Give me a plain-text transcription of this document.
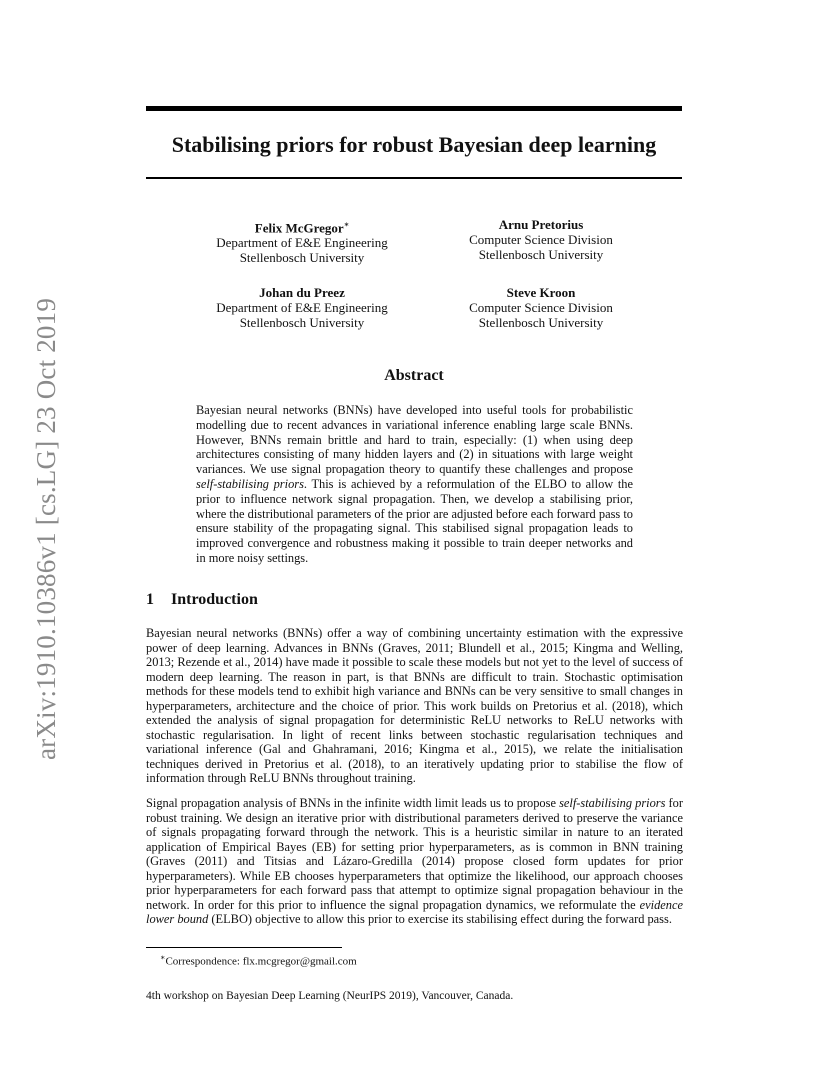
arXiv:1910.10386v1 [cs.LG] 23 Oct 2019
Stabilising priors for robust Bayesian deep learning
Felix McGregor∗
Department of E&E Engineering
Stellenbosch University
Arnu Pretorius
Computer Science Division
Stellenbosch University
Johan du Preez
Department of E&E Engineering
Stellenbosch University
Steve Kroon
Computer Science Division
Stellenbosch University
Abstract
Bayesian neural networks (BNNs) have developed into useful tools for probabilistic modelling due to recent advances in variational inference enabling large scale BNNs. However, BNNs remain brittle and hard to train, especially: (1) when using deep architectures consisting of many hidden layers and (2) in situations with large weight variances. We use signal propagation theory to quantify these challenges and propose self-stabilising priors. This is achieved by a reformulation of the ELBO to allow the prior to influence network signal propagation. Then, we develop a stabilising prior, where the distributional parameters of the prior are adjusted before each forward pass to ensure stability of the propagating signal. This stabilised signal propagation leads to improved convergence and robustness making it possible to train deeper networks and in more noisy settings.
1 Introduction
Bayesian neural networks (BNNs) offer a way of combining uncertainty estimation with the expressive power of deep learning. Advances in BNNs (Graves, 2011; Blundell et al., 2015; Kingma and Welling, 2013; Rezende et al., 2014) have made it possible to scale these models but not yet to the level of success of modern deep learning. The reason in part, is that BNNs are difficult to train. Stochastic optimisation methods for these models tend to exhibit high variance and BNNs can be very sensitive to small changes in hyperparameters, architecture and the choice of prior. This work builds on Pretorius et al. (2018), which extended the analysis of signal propagation for deterministic ReLU networks to ReLU networks with stochastic regularisation. In light of recent links between stochastic regularisation techniques and variational inference (Gal and Ghahramani, 2016; Kingma et al., 2015), we relate the initialisation techniques derived in Pretorius et al. (2018), to an iteratively updating prior to stabilise the flow of information through ReLU BNNs throughout training.
Signal propagation analysis of BNNs in the infinite width limit leads us to propose self-stabilising priors for robust training. We design an iterative prior with distributional parameters derived to preserve the variance of signals propagating forward through the network. This is a heuristic similar in nature to an iterated application of Empirical Bayes (EB) for setting prior hyperparameters, as is common in BNN training (Graves (2011) and Titsias and Lázaro-Gredilla (2014) propose closed form updates for prior hyperparameters). While EB chooses hyperparameters that optimize the likelihood, our approach chooses prior hyperparameters for each forward pass that attempt to optimize signal propagation behaviour in the network. In order for this prior to influence the signal propagation dynamics, we reformulate the evidence lower bound (ELBO) objective to allow this prior to exercise its stabilising effect during the forward pass.
∗Correspondence: flx.mcgregor@gmail.com
4th workshop on Bayesian Deep Learning (NeurIPS 2019), Vancouver, Canada.
